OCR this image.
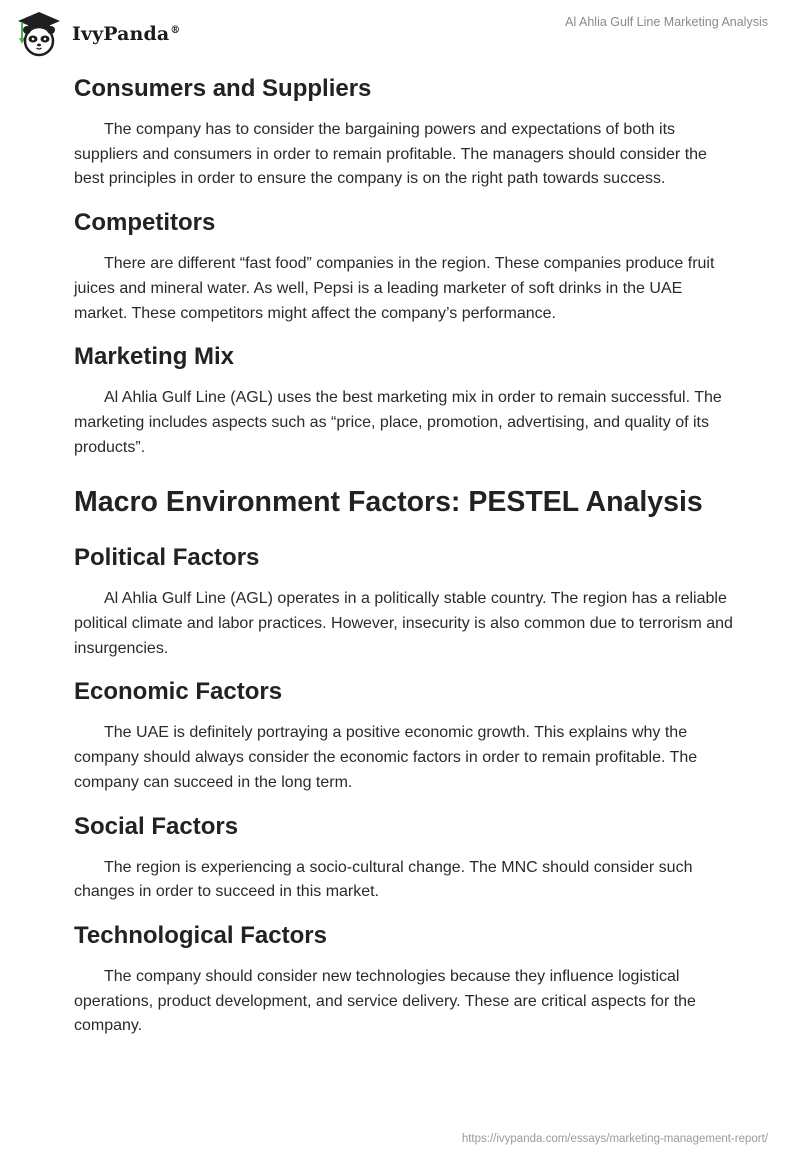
IvyPanda®
Al Ahlia Gulf Line Marketing Analysis
Consumers and Suppliers

The company has to consider the bargaining powers and expectations of both its suppliers and consumers in order to remain profitable. The managers should consider the best principles in order to ensure the company is on the right path towards success.

Competitors

There are different “fast food” companies in the region. These companies produce fruit juices and mineral water. As well, Pepsi is a leading marketer of soft drinks in the UAE market. These competitors might affect the company’s performance.

Marketing Mix

Al Ahlia Gulf Line (AGL) uses the best marketing mix in order to remain successful. The marketing includes aspects such as “price, place, promotion, advertising, and quality of its products”.

Macro Environment Factors: PESTEL Analysis
Political Factors

Al Ahlia Gulf Line (AGL) operates in a politically stable country. The region has a reliable political climate and labor practices. However, insecurity is also common due to terrorism and insurgencies.

Economic Factors

The UAE is definitely portraying a positive economic growth. This explains why the company should always consider the economic factors in order to remain profitable. The company can succeed in the long term.

Social Factors

The region is experiencing a socio-cultural change. The MNC should consider such changes in order to succeed in this market.

Technological Factors

The company should consider new technologies because they influence logistical operations, product development, and service delivery. These are critical aspects for the company.

https://ivypanda.com/essays/marketing-management-report/
